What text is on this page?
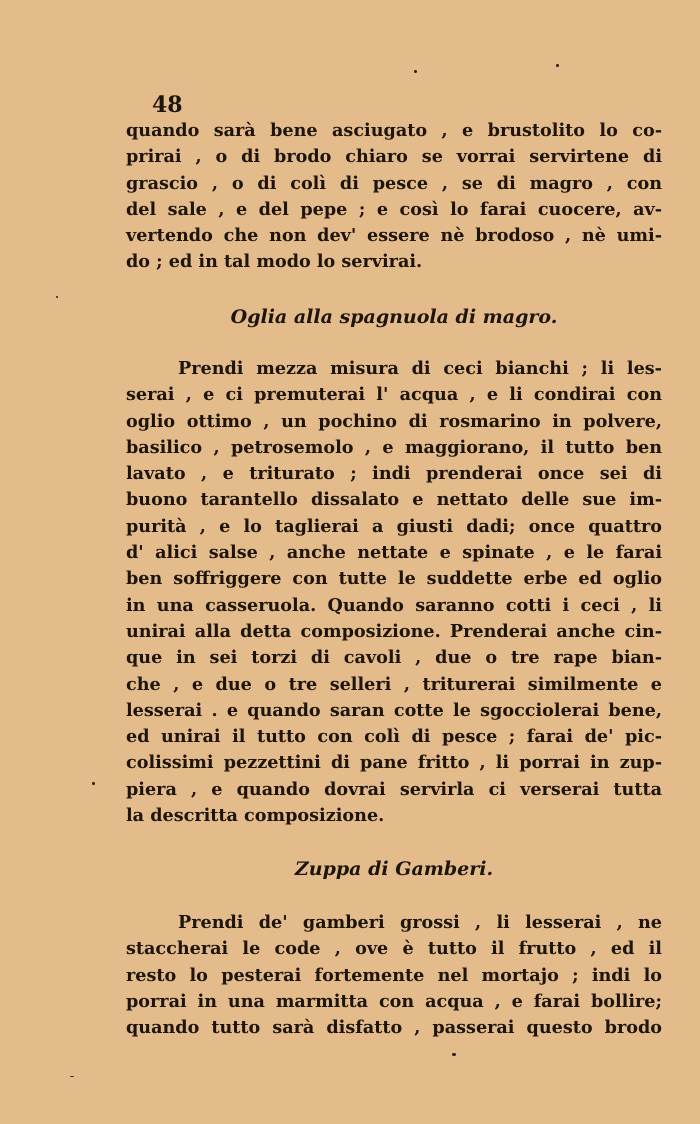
48
quando sarà bene asciugato , e brustolito lo co-
prirai , o di brodo chiaro se vorrai servirtene di
grascio , o di colì di pesce , se di magro , con
del sale , e del pepe ; e così lo farai cuocere, av-
vertendo che non dev' essere nè brodoso , nè umi-
do ; ed in tal modo lo servirai.
Oglia alla spagnuola di magro.
Prendi mezza misura di ceci bianchi ; li les-
serai , e ci premuterai l' acqua , e li condirai con
oglio ottimo , un pochino di rosmarino in polvere,
basilico , petrosemolo , e maggiorano, il tutto ben
lavato , e triturato ; indi prenderai once sei di
buono tarantello dissalato e nettato delle sue im-
purità , e lo taglierai a giusti dadi; once quattro
d' alici salse , anche nettate e spinate , e le farai
ben soffriggere con tutte le suddette erbe ed oglio
in una casseruola. Quando saranno cotti i ceci , li
unirai alla detta composizione. Prenderai anche cin-
que in sei torzi di cavoli , due o tre rape bian-
che , e due o tre selleri , triturerai similmente e
lesserai . e quando saran cotte le sgocciolerai bene,
ed unirai il tutto con colì di pesce ; farai de' pic-
colissimi pezzettini di pane fritto , li porrai in zup-
piera , e quando dovrai servirla ci verserai tutta
la descritta composizione.
Zuppa di Gamberi.
Prendi de' gamberi grossi , li lesserai , ne
staccherai le code , ove è tutto il frutto , ed il
resto lo pesterai fortemente nel mortajo ; indi lo
porrai in una marmitta con acqua , e farai bollire;
quando tutto sarà disfatto , passerai questo brodo
